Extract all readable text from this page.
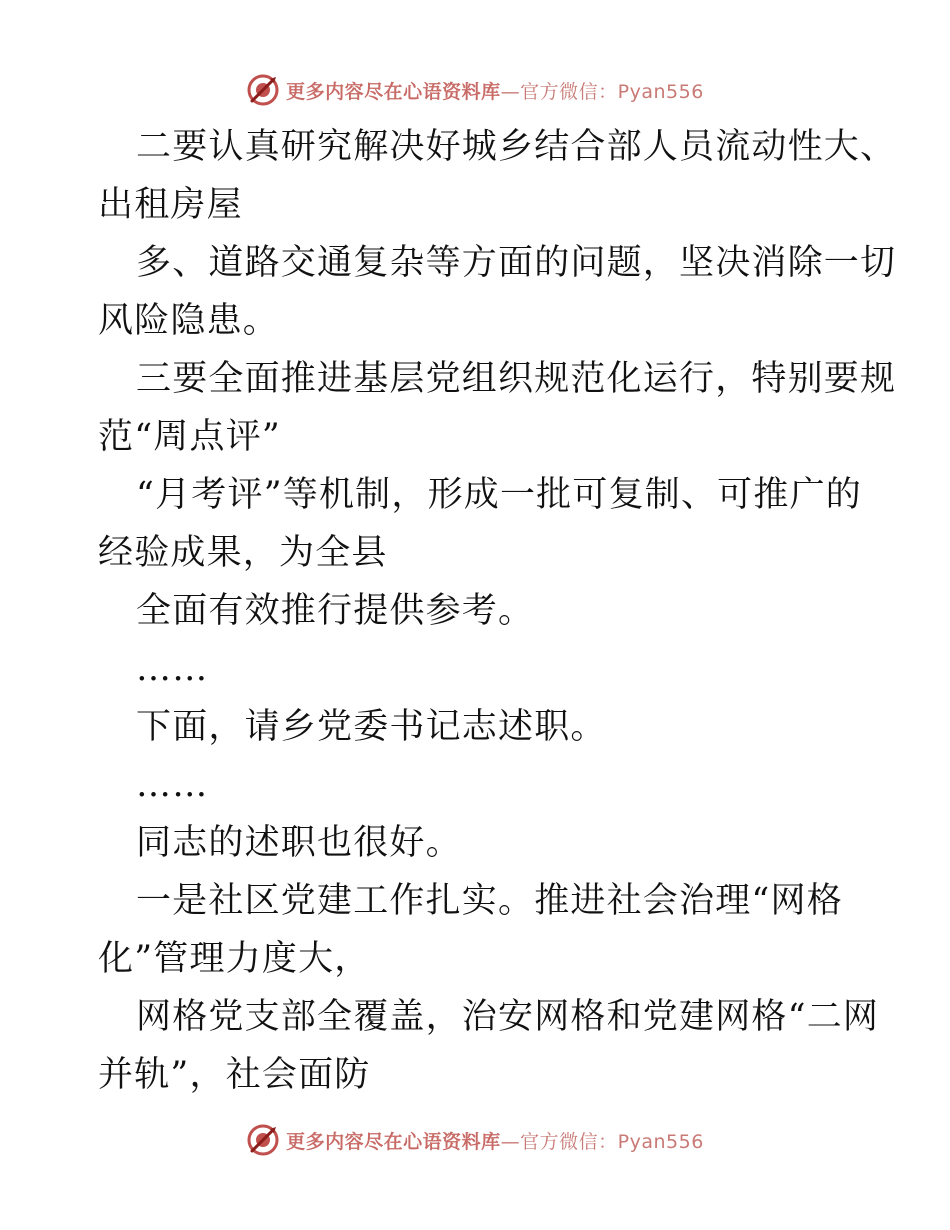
更多内容尽在心语资料库—官方微信：Pyan556
二要认真研究解决好城乡结合部人员流动性大、
出租房屋
多、道路交通复杂等方面的问题，坚决消除一切
风险隐患。
三要全面推进基层党组织规范化运行，特别要规
范“周点评”
“月考评”等机制，形成一批可复制、可推广的
经验成果，为全县
全面有效推行提供参考。
……
下面，请乡党委书记志述职。
……
同志的述职也很好。
一是社区党建工作扎实。推进社会治理“网格
化”管理力度大，
网格党支部全覆盖，治安网格和党建网格“二网
并轨”，社会面防
更多内容尽在心语资料库—官方微信：Pyan556
